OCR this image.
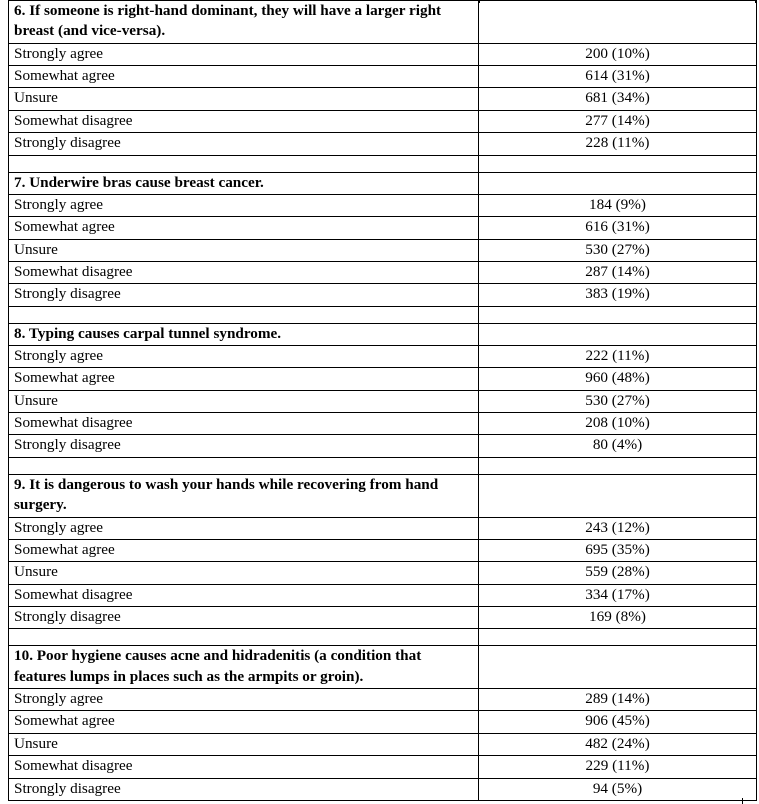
6. If someone is right-hand dominant, they will have a larger right breast (and vice-versa).	
Strongly agree	200 (10%)
Somewhat agree	614 (31%)
Unsure	681 (34%)
Somewhat disagree	277 (14%)
Strongly disagree	228 (11%)

7. Underwire bras cause breast cancer.	
Strongly agree	184 (9%)
Somewhat agree	616 (31%)
Unsure	530 (27%)
Somewhat disagree	287 (14%)
Strongly disagree	383 (19%)

8. Typing causes carpal tunnel syndrome.	
Strongly agree	222 (11%)
Somewhat agree	960 (48%)
Unsure	530 (27%)
Somewhat disagree	208 (10%)
Strongly disagree	80 (4%)

9. It is dangerous to wash your hands while recovering from hand surgery.	
Strongly agree	243 (12%)
Somewhat agree	695 (35%)
Unsure	559 (28%)
Somewhat disagree	334 (17%)
Strongly disagree	169 (8%)

10. Poor hygiene causes acne and hidradenitis (a condition that features lumps in places such as the armpits or groin).	
Strongly agree	289 (14%)
Somewhat agree	906 (45%)
Unsure	482 (24%)
Somewhat disagree	229 (11%)
Strongly disagree	94 (5%)
